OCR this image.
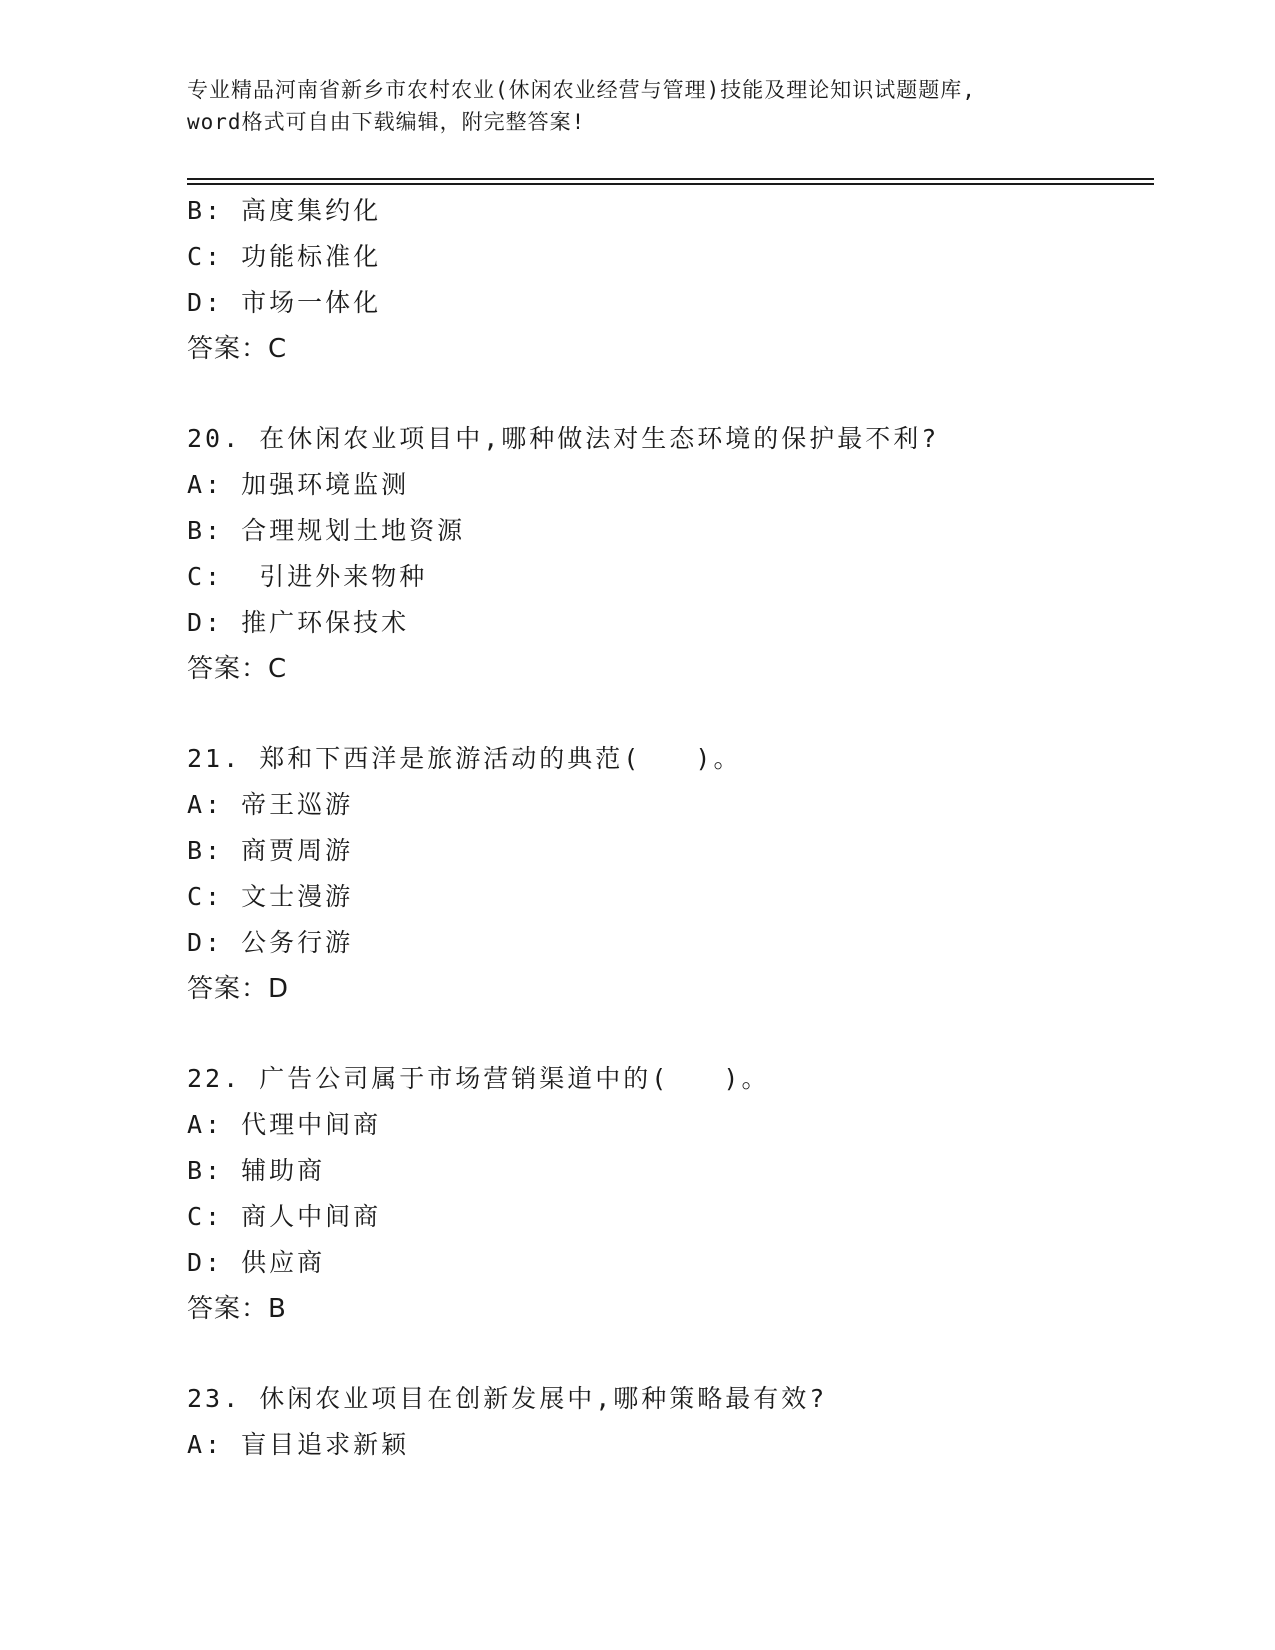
专业精品河南省新乡市农村农业(休闲农业经营与管理)技能及理论知识试题题库,
word格式可自由下载编辑，附完整答案!
B: 高度集约化
C: 功能标准化
D: 市场一体化
答案：C
20. 在休闲农业项目中,哪种做法对生态环境的保护最不利?
A: 加强环境监测
B: 合理规划土地资源
C:  引进外来物种
D: 推广环保技术
答案：C
21. 郑和下西洋是旅游活动的典范(   )。
A: 帝王巡游
B: 商贾周游
C: 文士漫游
D: 公务行游
答案：D
22. 广告公司属于市场营销渠道中的(   )。
A: 代理中间商
B: 辅助商
C: 商人中间商
D: 供应商
答案：B
23. 休闲农业项目在创新发展中,哪种策略最有效?
A: 盲目追求新颖
